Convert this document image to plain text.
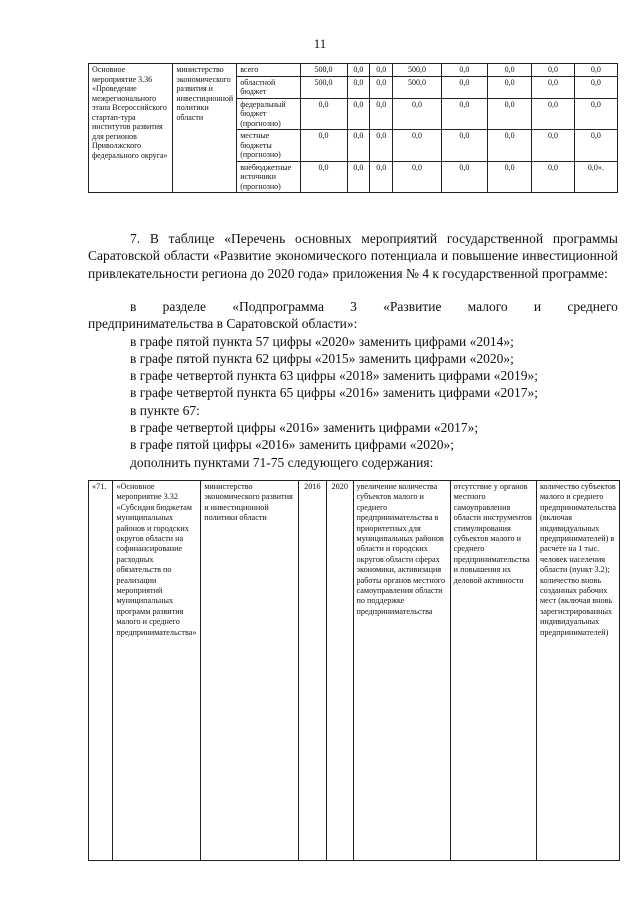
11
Основное мероприятие 3.36 «Проведение межрегионального этапа Всероссийского стартап-тура институтов развития для регионов Приволжского федерального округа»	министерство экономического развития и инвестиционной политики области	всего	500,0	0,0	0,0	500,0	0,0	0,0	0,0	0,0
		областной бюджет	500,0	0,0	0,0	500,0	0,0	0,0	0,0	0,0
		федеральный бюджет (прогнозно)	0,0	0,0	0,0	0,0	0,0	0,0	0,0	0,0
		местные бюджеты (прогнозно)	0,0	0,0	0,0	0,0	0,0	0,0	0,0	0,0
		внебюджетные источники (прогнозно)	0,0	0,0	0,0	0,0	0,0	0,0	0,0	0,0».
7. В таблице «Перечень основных мероприятий государственной программы Саратовской области «Развитие экономического потенциала и повышение инвестиционной привлекательности региона до 2020 года» приложения № 4 к государственной программе:
в разделе «Подпрограмма 3 «Развитие малого и среднего
предпринимательства в Саратовской области»:
в графе пятой пункта 57 цифры «2020» заменить цифрами «2014»;
в графе пятой пункта 62 цифры «2015» заменить цифрами «2020»;
в графе четвертой пункта 63 цифры «2018» заменить цифрами «2019»;
в графе четвертой пункта 65 цифры «2016» заменить цифрами «2017»;
в пункте 67:
в графе четвертой цифры «2016» заменить цифрами «2017»;
в графе пятой цифры «2016» заменить цифрами «2020»;
дополнить пунктами 71-75 следующего содержания:
«71.	«Основное мероприятие 3.32 «Субсидия бюджетам муниципальных районов и городских округов области на софинансирование расходных обязательств по реализации мероприятий муниципальных программ развития малого и среднего предпринимательства»	министерство экономического развития и инвестиционной политики области	2016	2020	увеличение количества субъектов малого и среднего предпринимательства в приоритетных для муниципальных районов области и городских округов области сферах экономики, активизация работы органов местного самоуправления области по поддержке предпринимательства	отсутствие у органов местного самоуправления области инструментов стимулирования субъектов малого и среднего предпринимательства и повышения их деловой активности	количество субъектов малого и среднего предпринимательства (включая индивидуальных предпринимателей) в расчете на 1 тыс. человек населения области (пункт 3.2); количество вновь созданных рабочих мест (включая вновь зарегистрированных индивидуальных предпринимателей)
